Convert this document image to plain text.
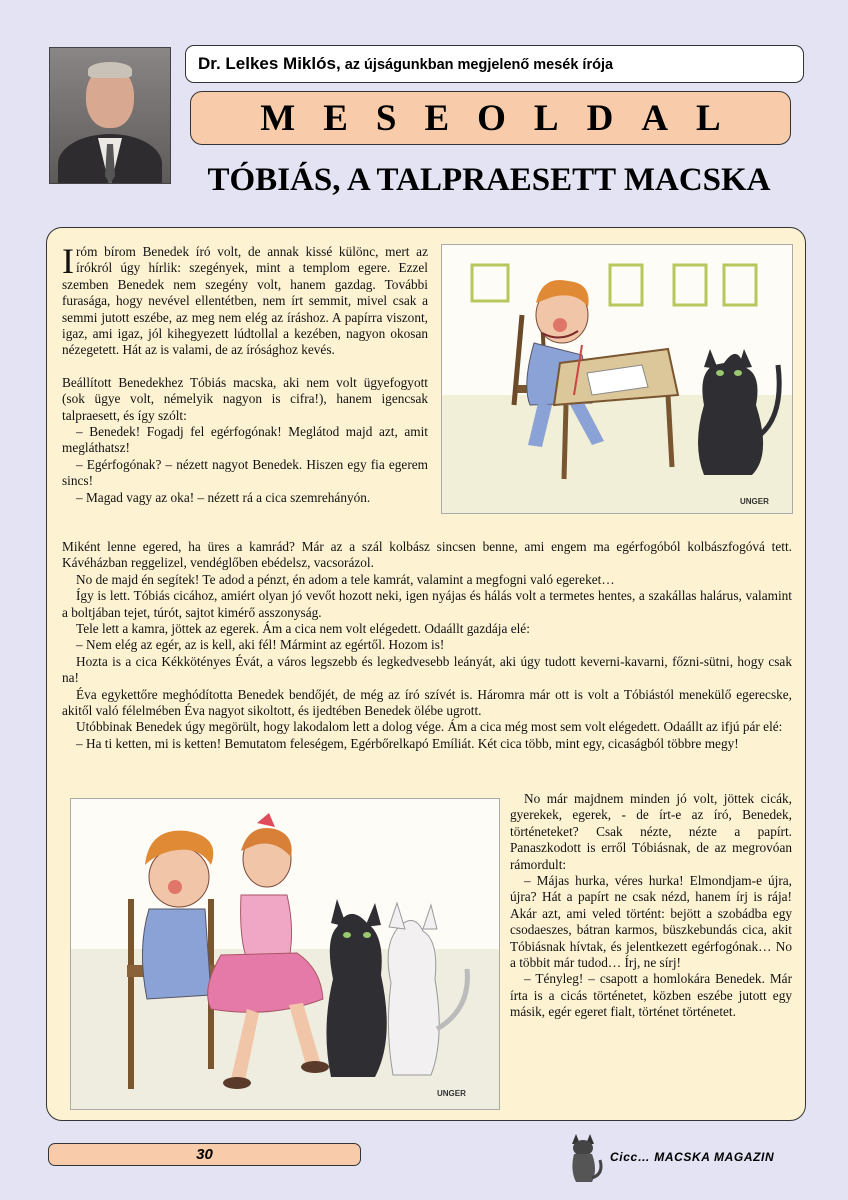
Dr. Lelkes Miklós, az újságunkban megjelenő mesék írója
MESEOLDAL
TÓBIÁS, A TALPRAESETT MACSKA
UNGER
UNGER

Iróm bírom Benedek író volt, de annak kissé különc, mert az írókról úgy hírlik: szegények, mint a templom egere. Ezzel szemben Benedek nem szegény volt, hanem gazdag. További furasága, hogy nevével ellentétben, nem írt semmit, mivel csak a semmi jutott eszébe, az meg nem elég az íráshoz. A papírra viszont, igaz, ami igaz, jól kihegyezett lúdtollal a kezében, nagyon okosan nézegetett. Hát az is valami, de az írósághoz kevés.

Beállított Benedekhez Tóbiás macska, aki nem volt ügyefogyott (sok ügye volt, némelyik nagyon is cifra!), hanem igencsak talpraesett, és így szólt:

– Benedek! Fogadj fel egérfogónak! Meglátod majd azt, amit megláthatsz!

– Egérfogónak? – nézett nagyot Benedek. Hiszen egy fia egerem sincs!

– Magad vagy az oka! – nézett rá a cica szemrehányón.

Miként lenne egered, ha üres a kamrád? Már az a szál kolbász sincsen benne, ami engem ma egérfogóból kolbászfogóvá tett. Kávéházban reggelizel, vendéglőben ebédelsz, vacsorázol.

No de majd én segítek! Te adod a pénzt, én adom a tele kamrát, valamint a megfogni való egereket…

Így is lett. Tóbiás cicához, amiért olyan jó vevőt hozott neki, igen nyájas és hálás volt a termetes hentes, a szakállas halárus, valamint a boltjában tejet, túrót, sajtot kimérő asszonyság.

Tele lett a kamra, jöttek az egerek. Ám a cica nem volt elégedett. Odaállt gazdája elé:

– Nem elég az egér, az is kell, aki fél! Mármint az egértől. Hozom is!

Hozta is a cica Kékkötényes Évát, a város legszebb és legkedvesebb leányát, aki úgy tudott keverni-kavarni, főzni-sütni, hogy csak na!

Éva egykettőre meghódította Benedek bendőjét, de még az író szívét is. Háromra már ott is volt a Tóbiástól menekülő egerecske, akitől való félelmében Éva nagyot sikoltott, és ijedtében Benedek ölébe ugrott.

Utóbbinak Benedek úgy megörült, hogy lakodalom lett a dolog vége. Ám a cica még most sem volt elégedett. Odaállt az ifjú pár elé:

– Ha ti ketten, mi is ketten! Bemutatom feleségem, Egérbőrelkapó Emíliát. Két cica több, mint egy, cicaságból többre megy!

No már majdnem minden jó volt, jöttek cicák, gyerekek, egerek, - de írt-e az író, Benedek, történeteket? Csak nézte, nézte a papírt. Panaszkodott is erről Tóbiásnak, de az megrovóan rámordult:

– Májas hurka, véres hurka! Elmondjam-e újra, újra? Hát a papírt ne csak nézd, hanem írj is rája! Akár azt, ami veled történt: bejött a szobádba egy csodaeszes, bátran karmos, büszkebundás cica, akit Tóbiásnak hívtak, és jelentkezett egérfogónak… No a többit már tudod… Írj, ne sírj!

– Tényleg! – csapott a homlokára Benedek. Már írta is a cicás történetet, közben eszébe jutott egy másik, egér egeret fialt, történet történetet.

30	Cicc… MACSKA MAGAZIN
